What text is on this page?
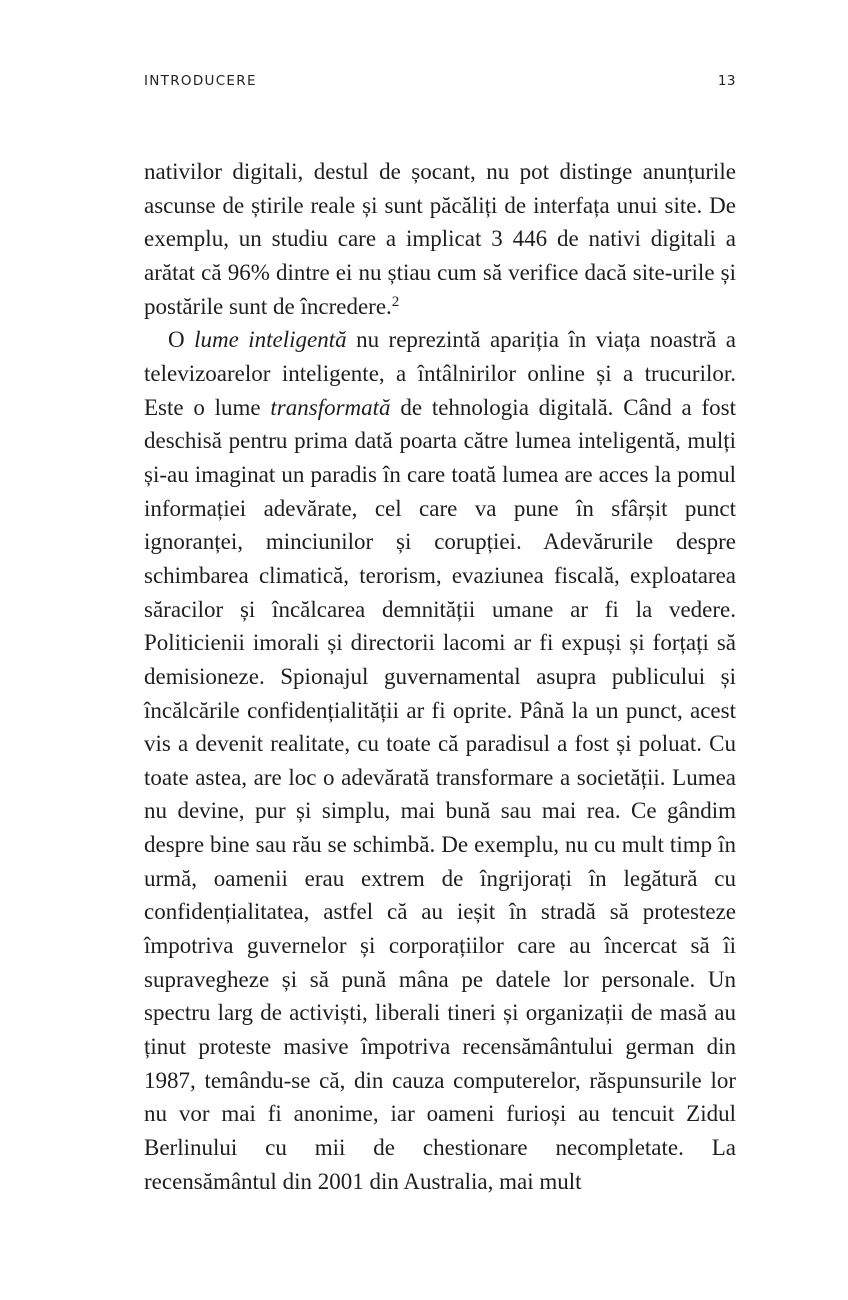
INTRODUCERE	13

nativilor digitali, destul de șocant, nu pot distinge anunțurile ascunse de știrile reale și sunt păcăliți de interfața unui site. De exemplu, un studiu care a implicat 3 446 de nativi digitali a arătat că 96% dintre ei nu știau cum să verifice dacă site-urile și postările sunt de încredere.$^2$

O lume inteligentă nu reprezintă apariția în viața noastră a televizoarelor inteligente, a întâlnirilor online și a trucurilor. Este o lume transformată de tehnologia digitală. Când a fost deschisă pentru prima dată poarta către lumea inteligentă, mulți și-au imaginat un paradis în care toată lumea are acces la pomul informației adevărate, cel care va pune în sfârșit punct ignoranței, minciunilor și corupției. Adevărurile despre schimbarea climatică, terorism, evaziunea fiscală, exploatarea săracilor și încălcarea demnității umane ar fi la vedere. Politicienii imorali și directorii lacomi ar fi expuși și forțați să demisioneze. Spionajul guvernamental asupra publicului și încălcările confidențialității ar fi oprite. Până la un punct, acest vis a devenit realitate, cu toate că paradisul a fost și poluat. Cu toate astea, are loc o adevărată transformare a societății. Lumea nu devine, pur și simplu, mai bună sau mai rea. Ce gândim despre bine sau rău se schimbă. De exemplu, nu cu mult timp în urmă, oamenii erau extrem de îngrijorați în legătură cu confidențialitatea, astfel că au ieșit în stradă să protesteze împotriva guvernelor și corporațiilor care au încercat să îi supravegheze și să pună mâna pe datele lor personale. Un spectru larg de activiști, liberali tineri și organizații de masă au ținut proteste masive împotriva recensământului german din 1987, temându-se că, din cauza computerelor, răspunsurile lor nu vor mai fi anonime, iar oameni furioși au tencuit Zidul Berlinului cu mii de chestionare necompletate. La recensământul din 2001 din Australia, mai mult
